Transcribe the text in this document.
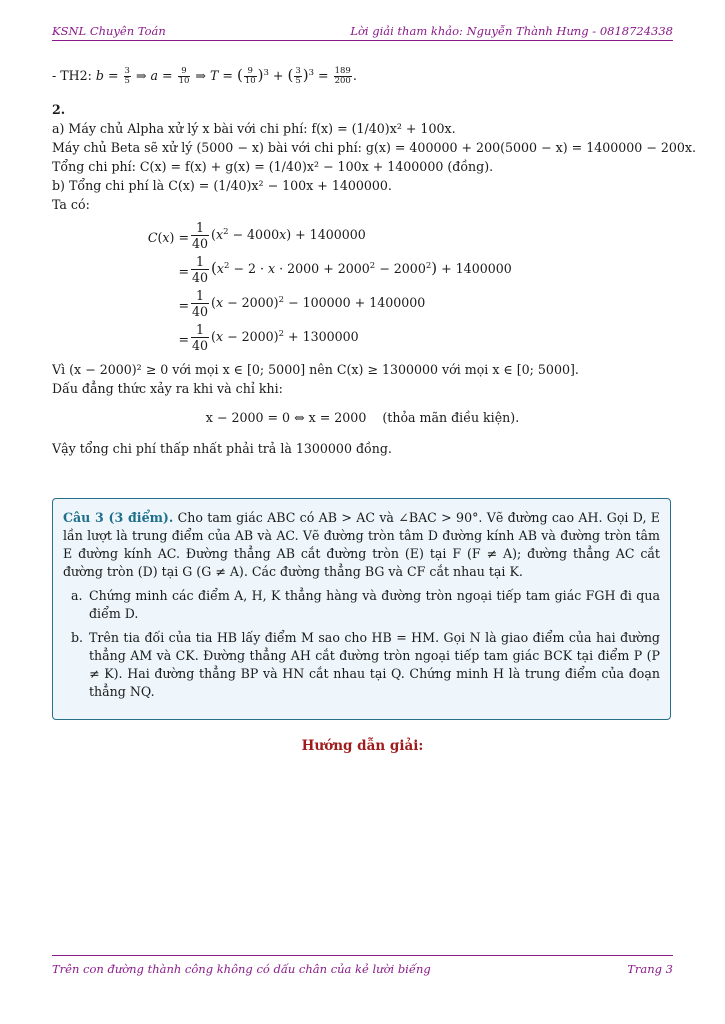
KSNL Chuyên Toán	Lời giải tham khảo: Nguyễn Thành Hưng - 0818724338
- TH2: $b = \frac{3}{5}$ ⇒ $a = \frac{9}{10}$ ⇒ T = ( $\frac{9}{10} )^3$ + ( $\frac{3}{5} )^3 = \frac{189}{200}$ .
2.
a) Máy chủ Alpha xử lý x bài với chi phí: f(x) = (1/40)x² + 100x.
Máy chủ Beta sẽ xử lý (5000 − x) bài với chi phí: g(x) = 400000 + 200(5000 − x) = 1400000 − 200x.
Tổng chi phí: C(x) = f(x) + g(x) = (1/40)x² − 100x + 1400000 (đồng).
b) Tổng chi phí là C(x) = (1/40)x² − 100x + 1400000.
Ta có:
$C(x) = \frac{1}{40} (x^2 - 4000x) + 1400000$
= $\frac{1}{40} (x^2 - 2 \cdot x \cdot 2000 + 2000^2 - 2000^2) + 1400000$
= $\frac{1}{40} (x - 2000)^2 - 100000 + 1400000$
= $\frac{1}{40} (x - 2000)^2 + 1300000$
Vì (x − 2000)² ≥ 0 với mọi x ∈ [0; 5000] nên C(x) ≥ 1300000 với mọi x ∈ [0; 5000].
Dấu đẳng thức xảy ra khi và chỉ khi:
x − 2000 = 0 ⇔ x = 2000 (thỏa mãn điều kiện).
Vậy tổng chi phí thấp nhất phải trả là 1300000 đồng.
Câu 3 (3 điểm). Cho tam giác ABC có AB > AC và ∠BAC > 90°. Vẽ đường cao AH. Gọi D, E lần lượt là trung điểm của AB và AC. Vẽ đường tròn tâm D đường kính AB và đường tròn tâm E đường kính AC. Đường thẳng AB cắt đường tròn (E) tại F (F ≠ A); đường thẳng AC cắt đường tròn (D) tại G (G ≠ A). Các đường thẳng BG và CF cắt nhau tại K.
a. Chứng minh các điểm A, H, K thẳng hàng và đường tròn ngoại tiếp tam giác FGH đi qua điểm D.
b. Trên tia đối của tia HB lấy điểm M sao cho HB = HM. Gọi N là giao điểm của hai đường thẳng AM và CK. Đường thẳng AH cắt đường tròn ngoại tiếp tam giác BCK tại điểm P (P ≠ K). Hai đường thẳng BP và HN cắt nhau tại Q. Chứng minh H là trung điểm của đoạn thẳng NQ.
Hướng dẫn giải:
Trên con đường thành công không có dấu chân của kẻ lười biếng	Trang 3
